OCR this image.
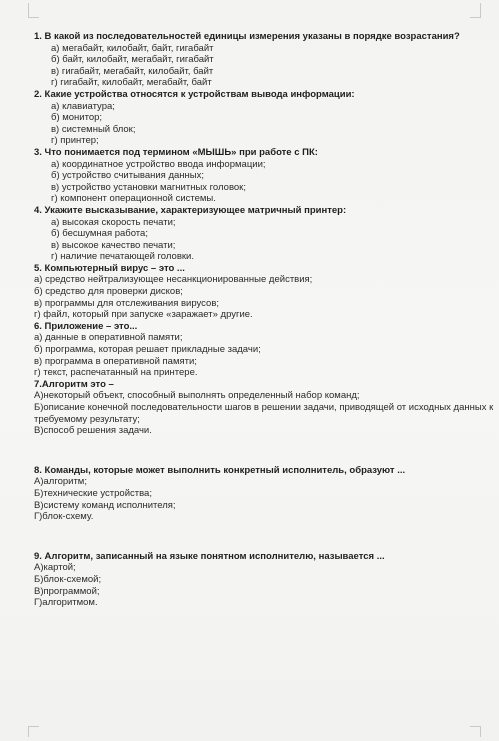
1. В какой из последовательностей единицы измерения указаны в порядке возрастания?
а) мегабайт, килобайт, байт, гигабайт
б) байт, килобайт, мегабайт, гигабайт
в) гигабайт, мегабайт, килобайт, байт
г) гигабайт, килобайт, мегабайт, байт
2. Какие устройства относятся к устройствам вывода информации:
а) клавиатура;
б) монитор;
в) системный блок;
г) принтер;
3. Что понимается под термином «МЫШЬ» при работе с ПК:
а) координатное устройство ввода информации;
б) устройство считывания данных;
в) устройство установки магнитных головок;
г) компонент операционной системы.
4. Укажите высказывание, характеризующее матричный принтер:
а) высокая скорость печати;
б) бесшумная работа;
в) высокое качество печати;
г) наличие печатающей головки.
5. Компьютерный вирус – это ...
а) средство нейтрализующее несанкционированные действия;
б) средство для проверки дисков;
в) программы для отслеживания вирусов;
г) файл, который при запуске «заражает» другие.
6. Приложение – это...
а) данные в оперативной памяти;
б) программа, которая решает прикладные задачи;
в) программа в оперативной памяти;
г) текст, распечатанный на принтере.
7.Алгоритм это –
А)некоторый объект, способный выполнять определенный набор команд;
Б)описание конечной последовательности шагов в решении задачи, приводящей от исходных данных к требуемому результату;
В)способ решения задачи.
8. Команды, которые может выполнить конкретный исполнитель, образуют ...
А)алгоритм;
Б)технические устройства;
В)систему команд исполнителя;
Г)блок-схему.
9. Алгоритм, записанный на языке понятном исполнителю, называется ...
А)картой;
Б)блок-схемой;
В)программой;
Г)алгоритмом.
